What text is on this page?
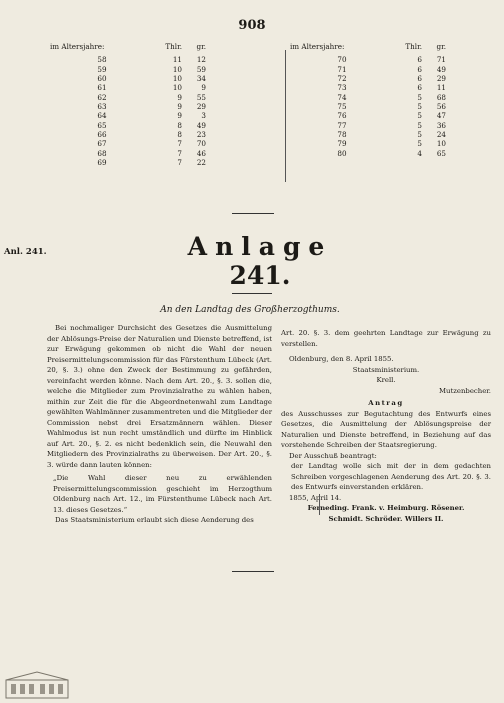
908
im Altersjahre:	Thlr.	gr.
58	11	12
59	10	59
60	10	34
61	10	9
62	9	55
63	9	29
64	9	3
65	8	49
66	8	23
67	7	70
68	7	46
69	7	22
im Altersjahre:	Thlr.	gr.
70	6	71
71	6	49
72	6	29
73	6	11
74	5	68
75	5	56
76	5	47
77	5	36
78	5	24
79	5	10
80	4	65
Anl. 241.	Anlage 241.
An den Landtag des Großherzogthums.

Bei nochmaliger Durchsicht des Gesetzes die Ausmittelung der Ablösungs-Preise der Naturalien und Dienste betreffend, ist zur Erwägung gekommen ob nicht die Wahl der neuen Preisermittelungscommission für das Fürstenthum Lübeck (Art. 20, §. 3.) ohne den Zweck der Bestimmung zu gefährden, vereinfacht werden könne. Nach dem Art. 20., §. 3. sollen die, welche die Mitglieder zum Provinzialrathe zu wählen haben, mithin zur Zeit die für die Abgeordnetenwahl zum Landtage gewählten Wahlmänner zusammentreten und die Mitglieder der Commission nebst drei Ersatzmännern wählen. Dieser Wahlmodus ist nun recht umständlich und dürfte im Hinblick auf Art. 20., §. 2. es nicht bedenklich sein, die Neuwahl den Mitgliedern des Provinzialraths zu überweisen. Der Art. 20., §. 3. würde dann lauten können:

„Die Wahl dieser neu zu erwählenden Preisermittelungscommission geschieht im Herzogthum Oldenburg nach Art. 12., im Fürstenthume Lübeck nach Art. 13. dieses Gesetzes.“

Das Staatsministerium erlaubt sich diese Aenderung des

Art. 20. §. 3. dem geehrten Landtage zur Erwägung zu verstellen.

Oldenburg, den 8. April 1855.

Staatsministerium.

Krell.

Mutzenbecher.

Antrag

des Ausschusses zur Begutachtung des Entwurfs eines Gesetzes, die Ausmittelung der Ablösungspreise der Naturalien und Dienste betreffend, in Beziehung auf das vorstehende Schreiben der Staatsregierung.

Der Ausschuß beantragt:

der Landtag wolle sich mit der in dem gedachten Schreiben vorgeschlagenen Aenderung des Art. 20. §. 3. des Entwurfs einverstanden erklären.

1855, April 14.

Ferneding. Frank. v. Heimburg. Rösener.

Schmidt. Schröder. Willers II.
